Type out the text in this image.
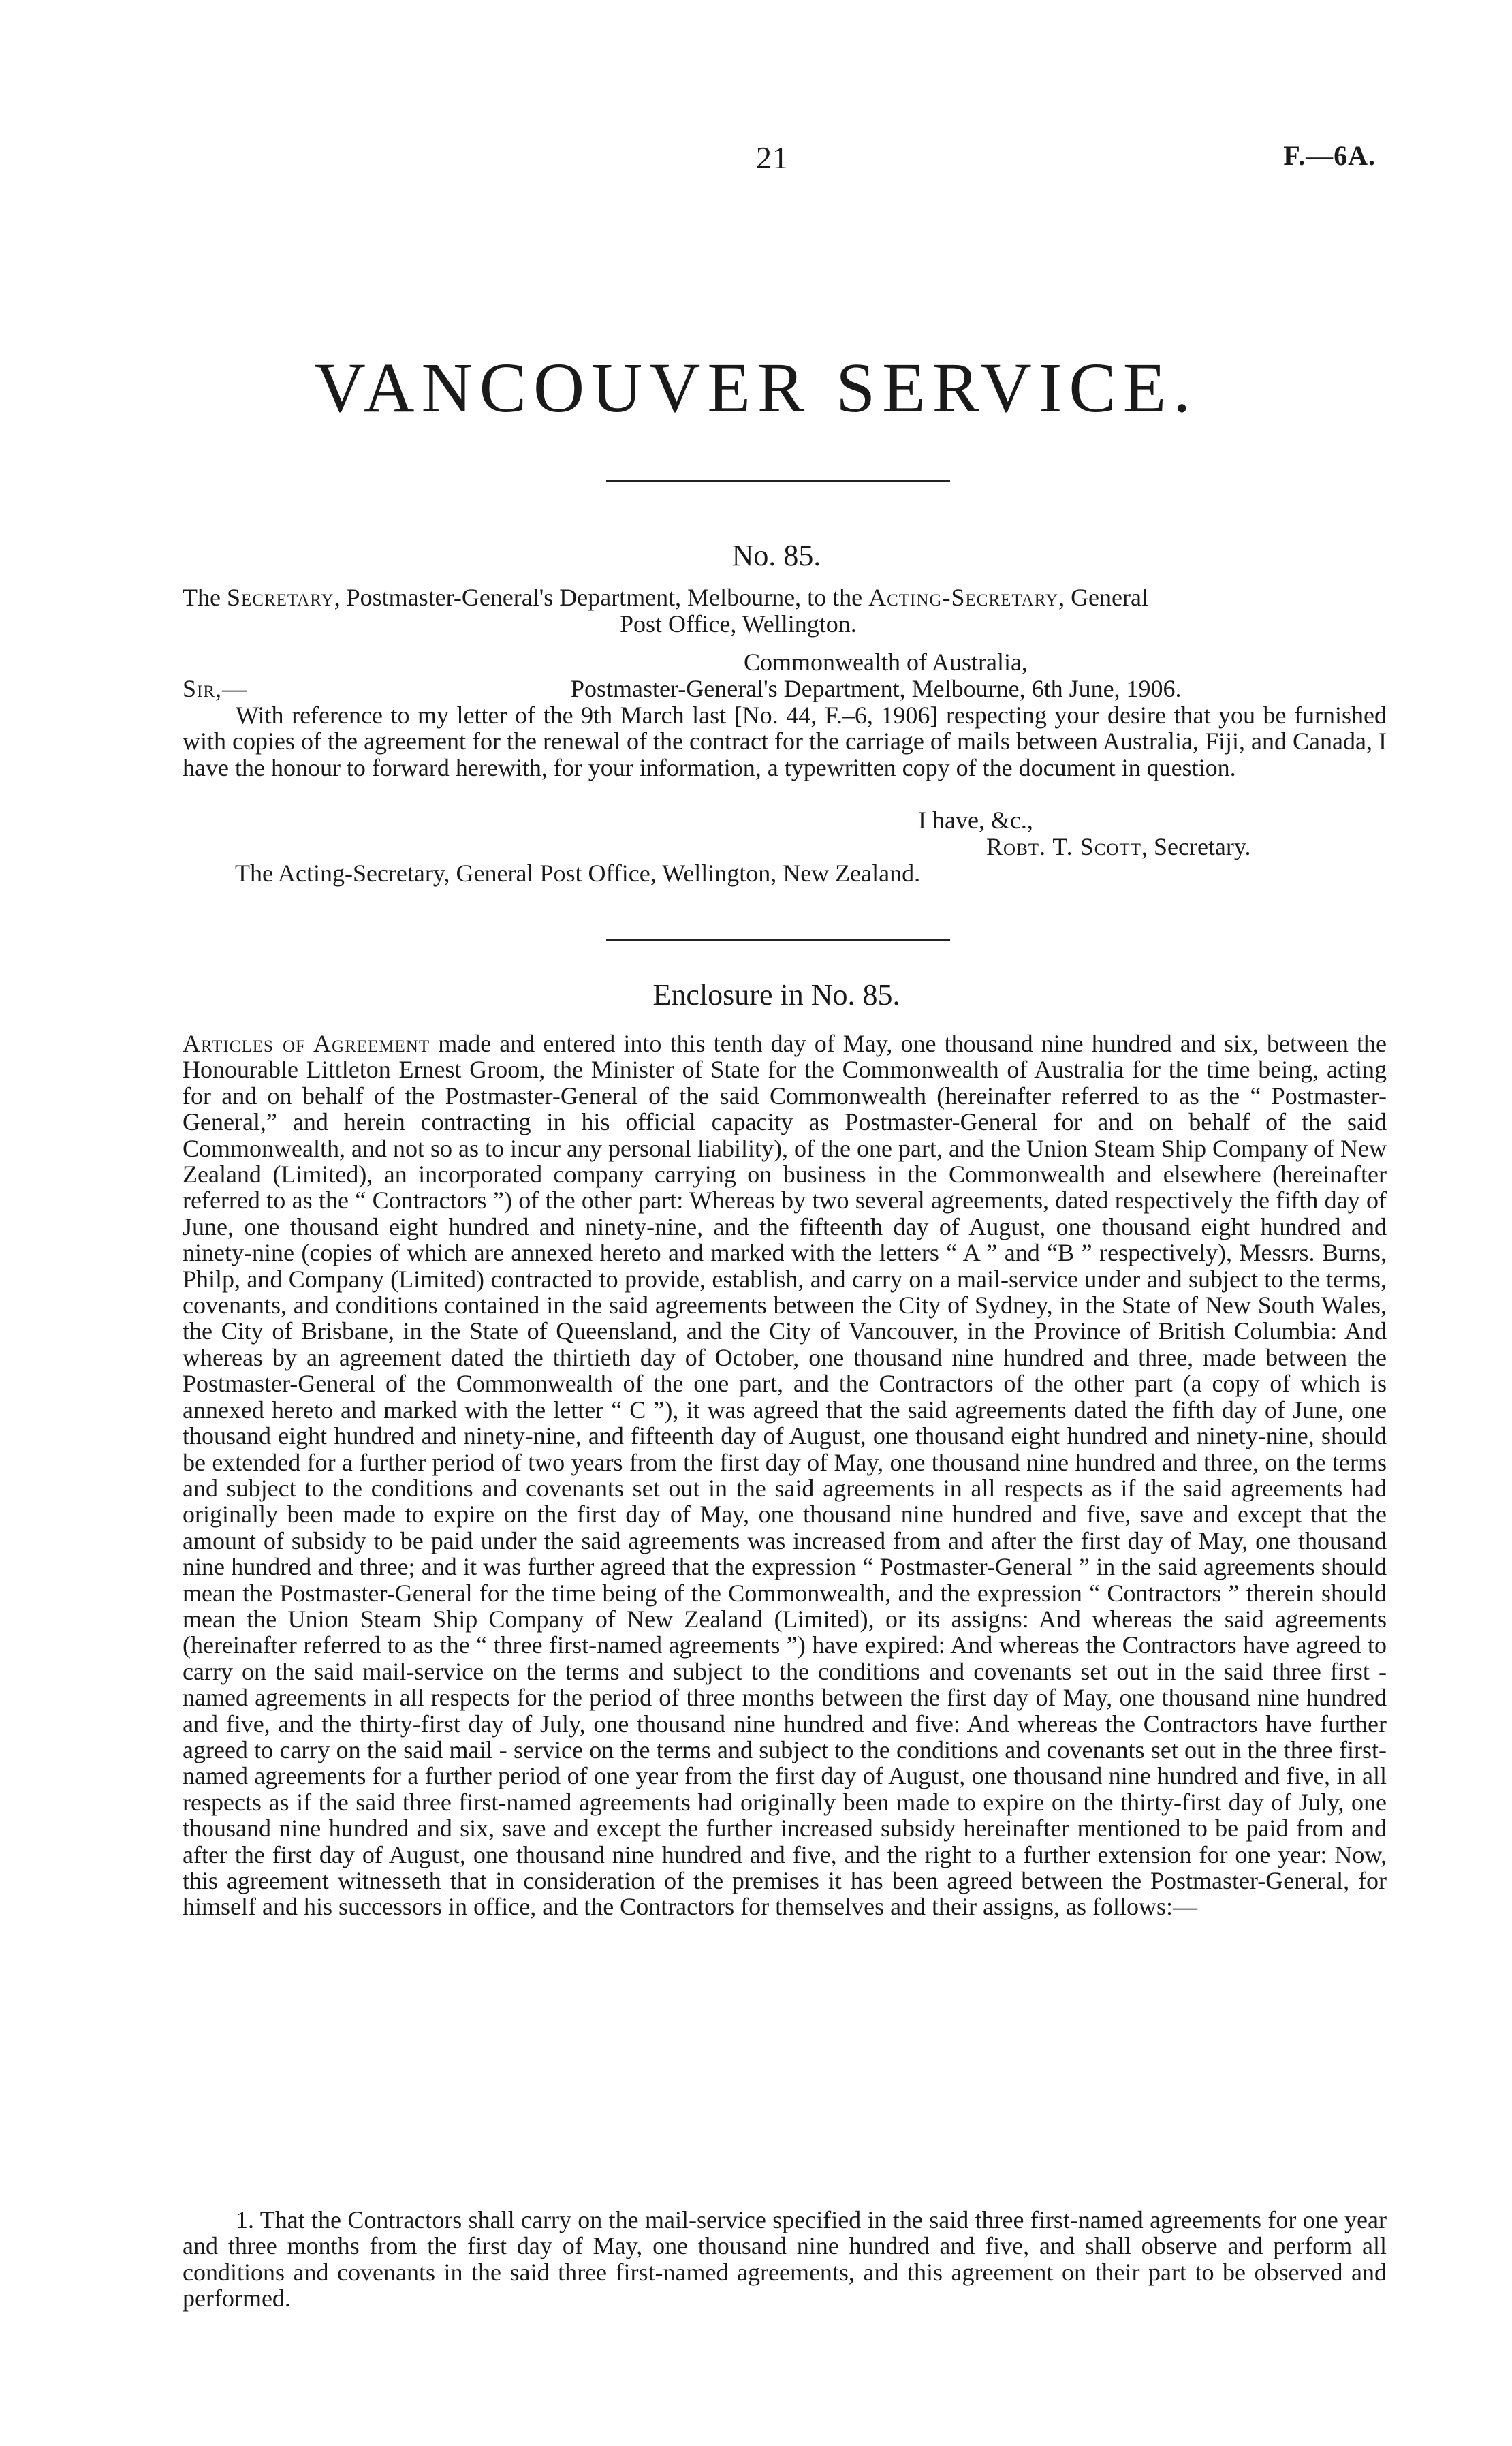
21	F.—6A.
VANCOUVER SERVICE.
No. 85.
The Secretary, Postmaster-General's Department, Melbourne, to the Acting-Secretary, General
Post Office, Wellington.
Commonwealth of Australia,
Sir,—	Postmaster-General's Department, Melbourne, 6th June, 1906.

With reference to my letter of the 9th March last [No. 44, F.–6, 1906] respecting your desire that you be furnished with copies of the agreement for the renewal of the contract for the carriage of mails between Australia, Fiji, and Canada, I have the honour to forward herewith, for your information, a typewritten copy of the document in question.

I have, &c.,
Robt. T. Scott, Secretary.
The Acting-Secretary, General Post Office, Wellington, New Zealand.
Enclosure in No. 85.

Articles of Agreement made and entered into this tenth day of May, one thousand nine hundred and six, between the Honourable Littleton Ernest Groom, the Minister of State for the Commonwealth of Australia for the time being, acting for and on behalf of the Postmaster-General of the said Commonwealth (hereinafter referred to as the “ Postmaster-General,” and herein contracting in his official capacity as Postmaster-General for and on behalf of the said Commonwealth, and not so as to incur any personal liability), of the one part, and the Union Steam Ship Company of New Zealand (Limited), an incorporated company carrying on business in the Commonwealth and elsewhere (hereinafter referred to as the “ Contractors ”) of the other part: Whereas by two several agreements, dated respectively the fifth day of June, one thousand eight hundred and ninety-nine, and the fifteenth day of August, one thousand eight hundred and ninety-nine (copies of which are annexed hereto and marked with the letters “ A ” and “B ” respectively), Messrs. Burns, Philp, and Company (Limited) contracted to provide, establish, and carry on a mail-service under and subject to the terms, covenants, and conditions contained in the said agreements between the City of Sydney, in the State of New South Wales, the City of Brisbane, in the State of Queensland, and the City of Vancouver, in the Province of British Columbia: And whereas by an agreement dated the thirtieth day of October, one thousand nine hundred and three, made between the Postmaster-General of the Commonwealth of the one part, and the Contractors of the other part (a copy of which is annexed hereto and marked with the letter “ C ”), it was agreed that the said agreements dated the fifth day of June, one thousand eight hundred and ninety-nine, and fifteenth day of August, one thousand eight hundred and ninety-nine, should be extended for a further period of two years from the first day of May, one thousand nine hundred and three, on the terms and subject to the conditions and covenants set out in the said agreements in all respects as if the said agreements had originally been made to expire on the first day of May, one thousand nine hundred and five, save and except that the amount of subsidy to be paid under the said agreements was increased from and after the first day of May, one thousand nine hundred and three; and it was further agreed that the expression “ Postmaster-General ” in the said agreements should mean the Postmaster-General for the time being of the Commonwealth, and the expression “ Contractors ” therein should mean the Union Steam Ship Company of New Zealand (Limited), or its assigns: And whereas the said agreements (hereinafter referred to as the “ three first-named agreements ”) have expired: And whereas the Contractors have agreed to carry on the said mail-service on the terms and subject to the conditions and covenants set out in the said three first - named agreements in all respects for the period of three months between the first day of May, one thousand nine hundred and five, and the thirty-first day of July, one thousand nine hundred and five: And whereas the Contractors have further agreed to carry on the said mail - service on the terms and subject to the conditions and covenants set out in the three first-named agreements for a further period of one year from the first day of August, one thousand nine hundred and five, in all respects as if the said three first-named agreements had originally been made to expire on the thirty-first day of July, one thousand nine hundred and six, save and except the further increased subsidy hereinafter mentioned to be paid from and after the first day of August, one thousand nine hundred and five, and the right to a further extension for one year: Now, this agreement witnesseth that in consideration of the premises it has been agreed between the Postmaster-General, for himself and his successors in office, and the Contractors for themselves and their assigns, as follows:—

1. That the Contractors shall carry on the mail-service specified in the said three first-named agreements for one year and three months from the first day of May, one thousand nine hundred and five, and shall observe and perform all conditions and covenants in the said three first-named agreements, and this agreement on their part to be observed and performed.
